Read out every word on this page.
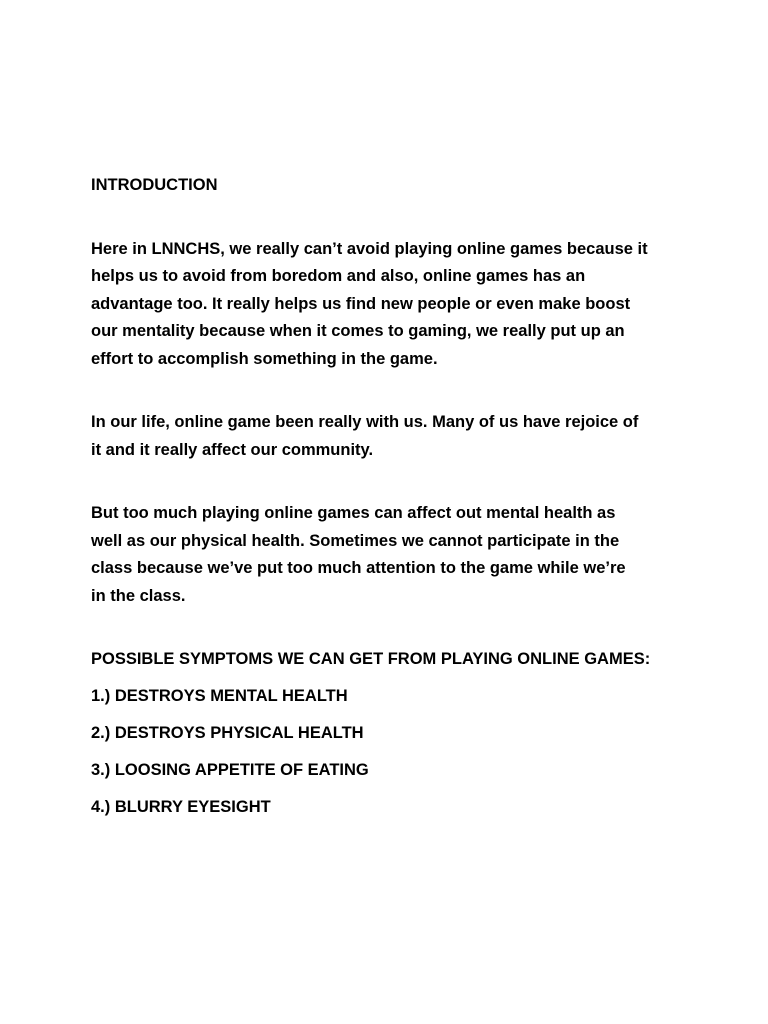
INTRODUCTION

Here in LNNCHS, we really can’t avoid playing online games because it

helps us to avoid from boredom and also, online games has an

advantage too. It really helps us find new people or even make boost

our mentality because when it comes to gaming, we really put up an

effort to accomplish something in the game.

In our life, online game been really with us. Many of us have rejoice of

it and it really affect our community.

But too much playing online games can affect out mental health as

well as our physical health. Sometimes we cannot participate in the

class because we’ve put too much attention to the game while we’re

in the class.

POSSIBLE SYMPTOMS WE CAN GET FROM PLAYING ONLINE GAMES:

1.) DESTROYS MENTAL HEALTH

2.) DESTROYS PHYSICAL HEALTH

3.) LOOSING APPETITE OF EATING

4.) BLURRY EYESIGHT
